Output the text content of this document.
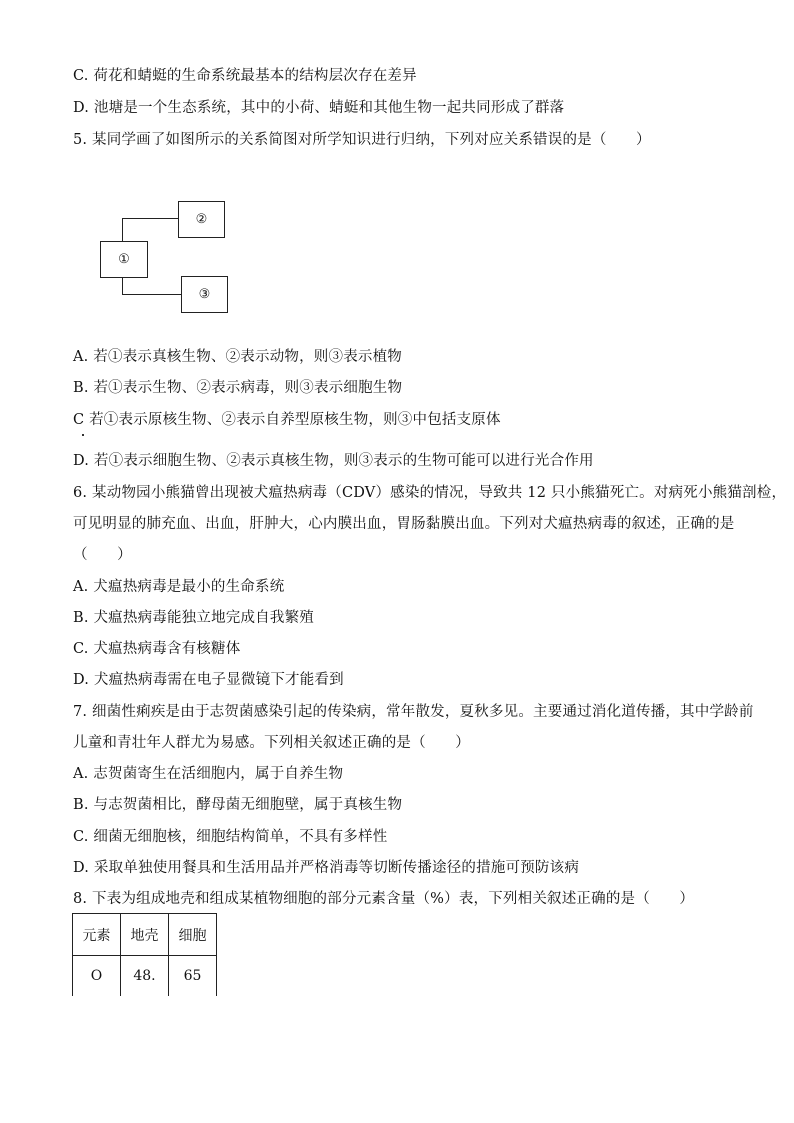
C. 荷花和蜻蜓的生命系统最基本的结构层次存在差异
D. 池塘是一个生态系统，其中的小荷、蜻蜓和其他生物一起共同形成了群落
5. 某同学画了如图所示的关系简图对所学知识进行归纳，下列对应关系错误的是（　　）
①
②
③
A. 若①表示真核生物、②表示动物，则③表示植物
B. 若①表示生物、②表示病毒，则③表示细胞生物
C 若①表示原核生物、②表示自养型原核生物，则③中包括支原体
D. 若①表示细胞生物、②表示真核生物，则③表示的生物可能可以进行光合作用
6. 某动物园小熊猫曾出现被犬瘟热病毒（CDV）感染的情况，导致共 12 只小熊猫死亡。对病死小熊猫剖检，
可见明显的肺充血、出血，肝肿大，心内膜出血，胃肠黏膜出血。下列对犬瘟热病毒的叙述，正确的是
（　　）
A. 犬瘟热病毒是最小的生命系统
B. 犬瘟热病毒能独立地完成自我繁殖
C. 犬瘟热病毒含有核糖体
D. 犬瘟热病毒需在电子显微镜下才能看到
7. 细菌性痢疾是由于志贺菌感染引起的传染病，常年散发，夏秋多见。主要通过消化道传播，其中学龄前
儿童和青壮年人群尤为易感。下列相关叙述正确的是（　　）
A. 志贺菌寄生在活细胞内，属于自养生物
B. 与志贺菌相比，酵母菌无细胞壁，属于真核生物
C. 细菌无细胞核，细胞结构简单，不具有多样性
D. 采取单独使用餐具和生活用品并严格消毒等切断传播途径的措施可预防该病
8. 下表为组成地壳和组成某植物细胞的部分元素含量（%）表，下列相关叙述正确的是（　　）
元素	地壳	细胞
O	48.	65
